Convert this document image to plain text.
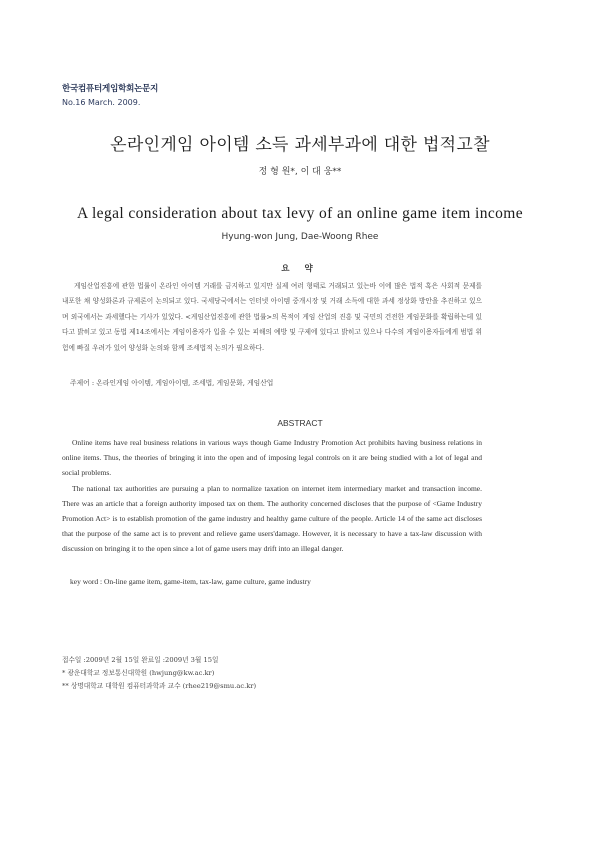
한국컴퓨터게임학회논문지
No.16 March. 2009.
온라인게임 아이템 소득 과세부과에 대한 법적고찰
정 형 원*, 이 대 웅**
A legal consideration about tax levy of an online game item income
Hyung-won Jung, Dae-Woong Rhee
요 약

게임산업진흥에 관한 법률이 온라인 아이템 거래를 금지하고 있지만 실제 여러 형태로 거래되고 있는바 이에 많은 법적 혹은 사회적 문제를 내포한 채 양성화론과 규제론이 논의되고 있다. 국세당국에서는 인터넷 아이템 중개시장 및 거래 소득에 대한 과세 정상화 방안을 추진하고 있으며 외국에서는 과세했다는 기사가 있었다. <게임산업진흥에 관한 법률>의 목적이 게임 산업의 진흥 및 국민의 건전한 게임문화를 확립하는데 있다고 밝히고 있고 동법 제14조에서는 게임이용자가 입을 수 있는 피해의 예방 및 구제에 있다고 밝히고 있으나 다수의 게임이용자들에게 범법 위험에 빠질 우려가 있어 양성화 논의와 함께 조세법적 논의가 필요하다.

주제어 : 온라인게임 아이템, 게임아이템, 조세법, 게임문화, 게임산업
ABSTRACT

Online items have real business relations in various ways though Game Industry Promotion Act prohibits having business relations in online items. Thus, the theories of bringing it into the open and of imposing legal controls on it are being studied with a lot of legal and social problems.

The national tax authorities are pursuing a plan to normalize taxation on internet item intermediary market and transaction income. There was an article that a foreign authority imposed tax on them. The authority concerned discloses that the purpose of <Game Industry Promotion Act> is to establish promotion of the game industry and healthy game culture of the people. Article 14 of the same act discloses that the purpose of the same act is to prevent and relieve game users'damage. However, it is necessary to have a tax-law discussion with discussion on bringing it to the open since a lot of game users may drift into an illegal danger.

key word : On-line game item, game-item, tax-law, game culture, game industry
접수일 :2009년 2월 15일 완료일 :2009년 3월 15일
* 광운대학교 정보통신대학원 (hwjung@kw.ac.kr)
** 상명대학교 대학원 컴퓨터과학과 교수 (rhee219@smu.ac.kr)
